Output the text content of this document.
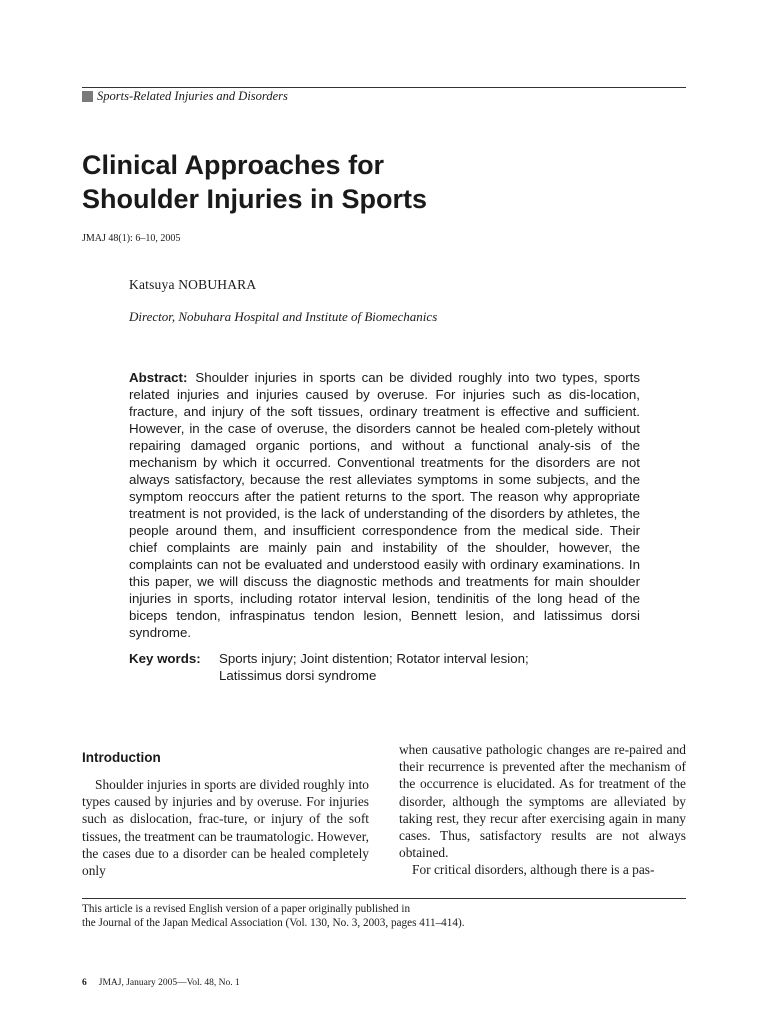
Sports-Related Injuries and Disorders
Clinical Approaches for
Shoulder Injuries in Sports
JMAJ 48(1): 6–10, 2005
Katsuya NOBUHARA
Director, Nobuhara Hospital and Institute of Biomechanics
Abstract: Shoulder injuries in sports can be divided roughly into two types, sports related injuries and injuries caused by overuse. For injuries such as dis-location, fracture, and injury of the soft tissues, ordinary treatment is effective and sufficient. However, in the case of overuse, the disorders cannot be healed com-pletely without repairing damaged organic portions, and without a functional analy-sis of the mechanism by which it occurred. Conventional treatments for the disorders are not always satisfactory, because the rest alleviates symptoms in some subjects, and the symptom reoccurs after the patient returns to the sport. The reason why appropriate treatment is not provided, is the lack of understanding of the disorders by athletes, the people around them, and insufficient correspondence from the medical side. Their chief complaints are mainly pain and instability of the shoulder, however, the complaints can not be evaluated and understood easily with ordinary examinations. In this paper, we will discuss the diagnostic methods and treatments for main shoulder injuries in sports, including rotator interval lesion, tendinitis of the long head of the biceps tendon, infraspinatus tendon lesion, Bennett lesion, and latissimus dorsi syndrome.
Key words:	Sports injury; Joint distention; Rotator interval lesion;
Latissimus dorsi syndrome
Introduction

Shoulder injuries in sports are divided roughly into types caused by injuries and by overuse. For injuries such as dislocation, frac-ture, or injury of the soft tissues, the treatment can be traumatologic. However, the cases due to a disorder can be healed completely only

when causative pathologic changes are re-paired and their recurrence is prevented after the mechanism of the occurrence is elucidated. As for treatment of the disorder, although the symptoms are alleviated by taking rest, they recur after exercising again in many cases. Thus, satisfactory results are not always obtained.

For critical disorders, although there is a pas-

This article is a revised English version of a paper originally published in
the Journal of the Japan Medical Association (Vol. 130, No. 3, 2003, pages 411–414).
6 JMAJ, January 2005—Vol. 48, No. 1
